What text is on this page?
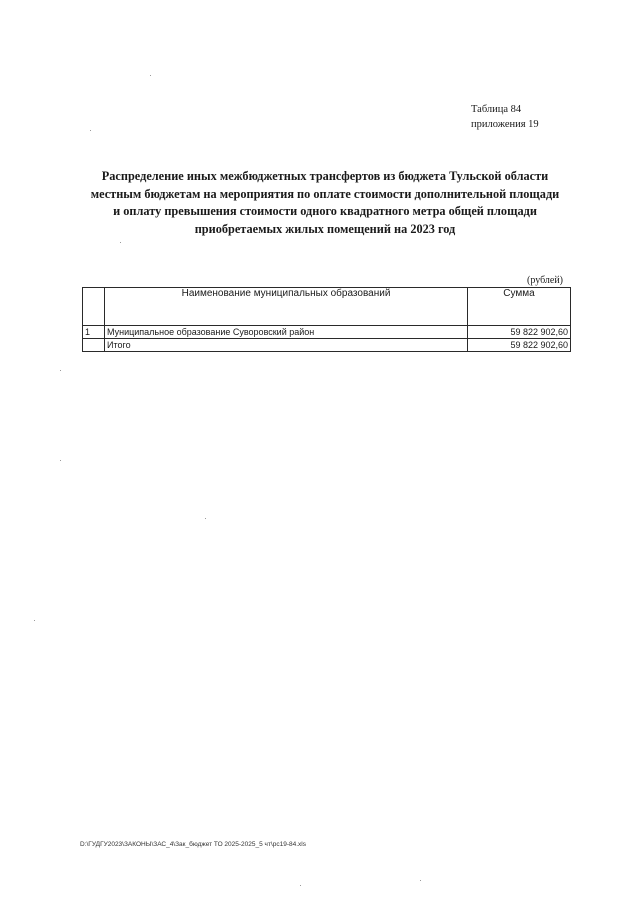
Таблица 84
приложения 19
Распределение иных межбюджетных трансфертов из бюджета Тульской области
местным бюджетам на мероприятия по оплате стоимости дополнительной площади
и оплату превышения стоимости одного квадратного метра общей площади
приобретаемых жилых помещений на 2023 год
(рублей)
	Наименование муниципальных образований	Сумма
1	Муниципальное образование Суворовский район	59 822 902,60
	Итого	59 822 902,60
D:\ГУДГУ2023\ЗАКОНЫ\ЗАС_4\Зак_бюджет ТО 2025-2025_5 чт\рс19-84.xls
